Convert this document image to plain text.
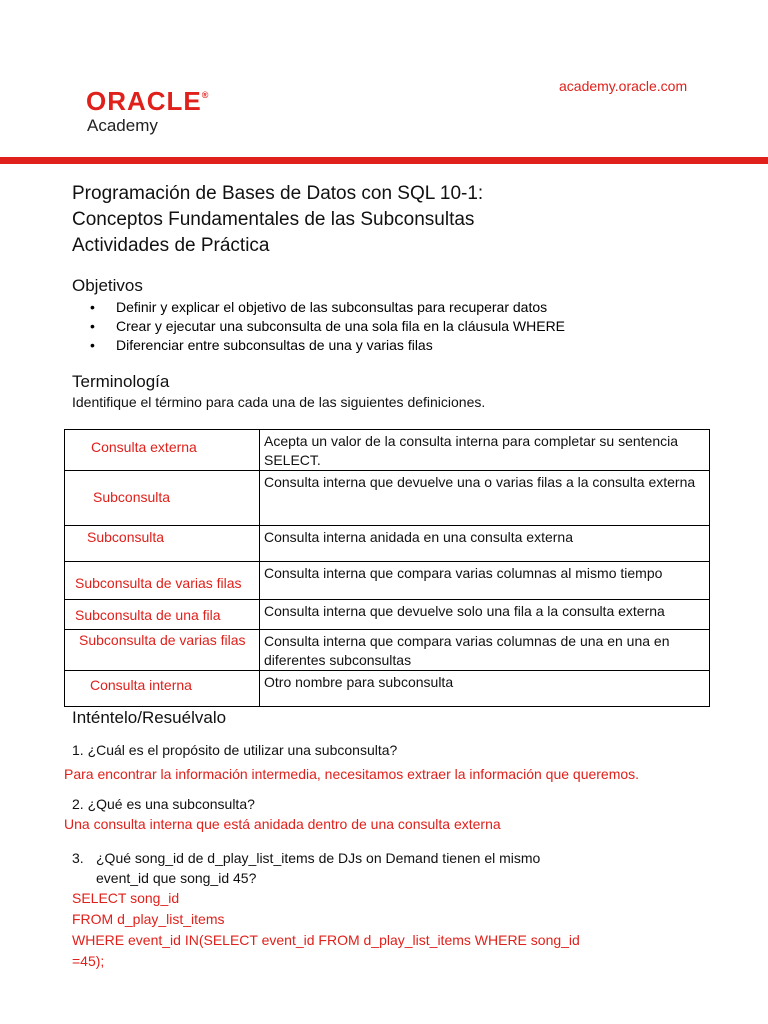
ORACLE®
Academy
academy.oracle.com
Programación de Bases de Datos con SQL 10-1:
Conceptos Fundamentales de las Subconsultas
Actividades de Práctica
Objetivos
• Definir y explicar el objetivo de las subconsultas para recuperar datos
• Crear y ejecutar una subconsulta de una sola fila en la cláusula WHERE
• Diferenciar entre subconsultas de una y varias filas
Terminología
Identifique el término para cada una de las siguientes definiciones.
Consulta externa	Acepta un valor de la consulta interna para completar su sentencia SELECT.

Subconsulta	Consulta interna que devuelve una o varias filas a la consulta externa

Subconsulta	Consulta interna anidada en una consulta externa

Subconsulta de varias filas	Consulta interna que compara varias columnas al mismo tiempo

Subconsulta de una fila	Consulta interna que devuelve solo una fila a la consulta externa

Subconsulta de varias filas	Consulta interna que compara varias columnas de una en una en diferentes subconsultas

Consulta interna	Otro nombre para subconsulta
Inténtelo/Resuélvalo
1. ¿Cuál es el propósito de utilizar una subconsulta?
Para encontrar la información intermedia, necesitamos extraer la información que queremos.
2. ¿Qué es una subconsulta?
Una consulta interna que está anidada dentro de una consulta externa
3. ¿Qué song_id de d_play_list_items de DJs on Demand tienen el mismo
event_id que song_id 45?
SELECT song_id
FROM d_play_list_items
WHERE event_id IN(SELECT event_id FROM d_play_list_items WHERE song_id
=45);
